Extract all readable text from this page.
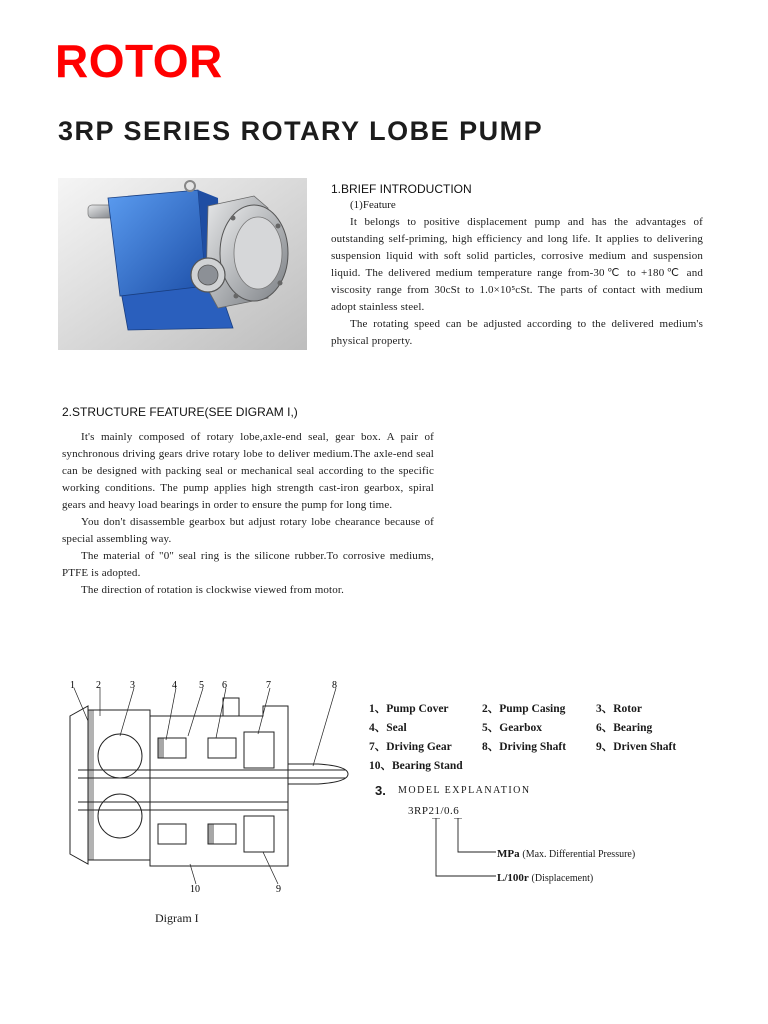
ROTOR
3RP SERIES ROTARY LOBE PUMP
1.BRIEF INTRODUCTION
(1)Feature

It belongs to positive displacement pump and has the advantages of outstanding self-priming, high efficiency and long life. It applies to delivering suspension liquid with soft solid particles, corrosive medium and suspension liquid. The delivered medium temperature range from-30℃ to +180℃ and viscosity range from 30cSt to 1.0×10⁵cSt. The parts of contact with medium adopt stainless steel.

The rotating speed can be adjusted according to the delivered medium's physical property.

2.STRUCTURE FEATURE(SEE DIGRAM I,)

It's mainly composed of rotary lobe,axle-end seal, gear box. A pair of synchronous driving gears drive rotary lobe to deliver medium.The axle-end seal can be designed with packing seal or mechanical seal according to the specific working conditions. The pump applies high strength cast-iron gearbox, spiral gears and heavy load bearings in order to ensure the pump for long time.

You don't disassemble gearbox but adjust rotary lobe chearance because of special assembling way.

The material of "0" seal ring is the silicone rubber.To corrosive mediums, PTFE is adopted.

The direction of rotation is clockwise viewed from motor.

1 2	3	4 5 6	7	8
9
10
Digram I
1、Pump Cover	2、Pump Casing	3、Rotor
4、Seal	5、Gearbox	6、Bearing
7、Driving Gear	8、Driving Shaft	9、Driven Shaft
10、Bearing Stand
3. MODEL EXPLANATION
3RP21/0.6
MPa (Max. Differential Pressure)
L/100r (Displacement)
